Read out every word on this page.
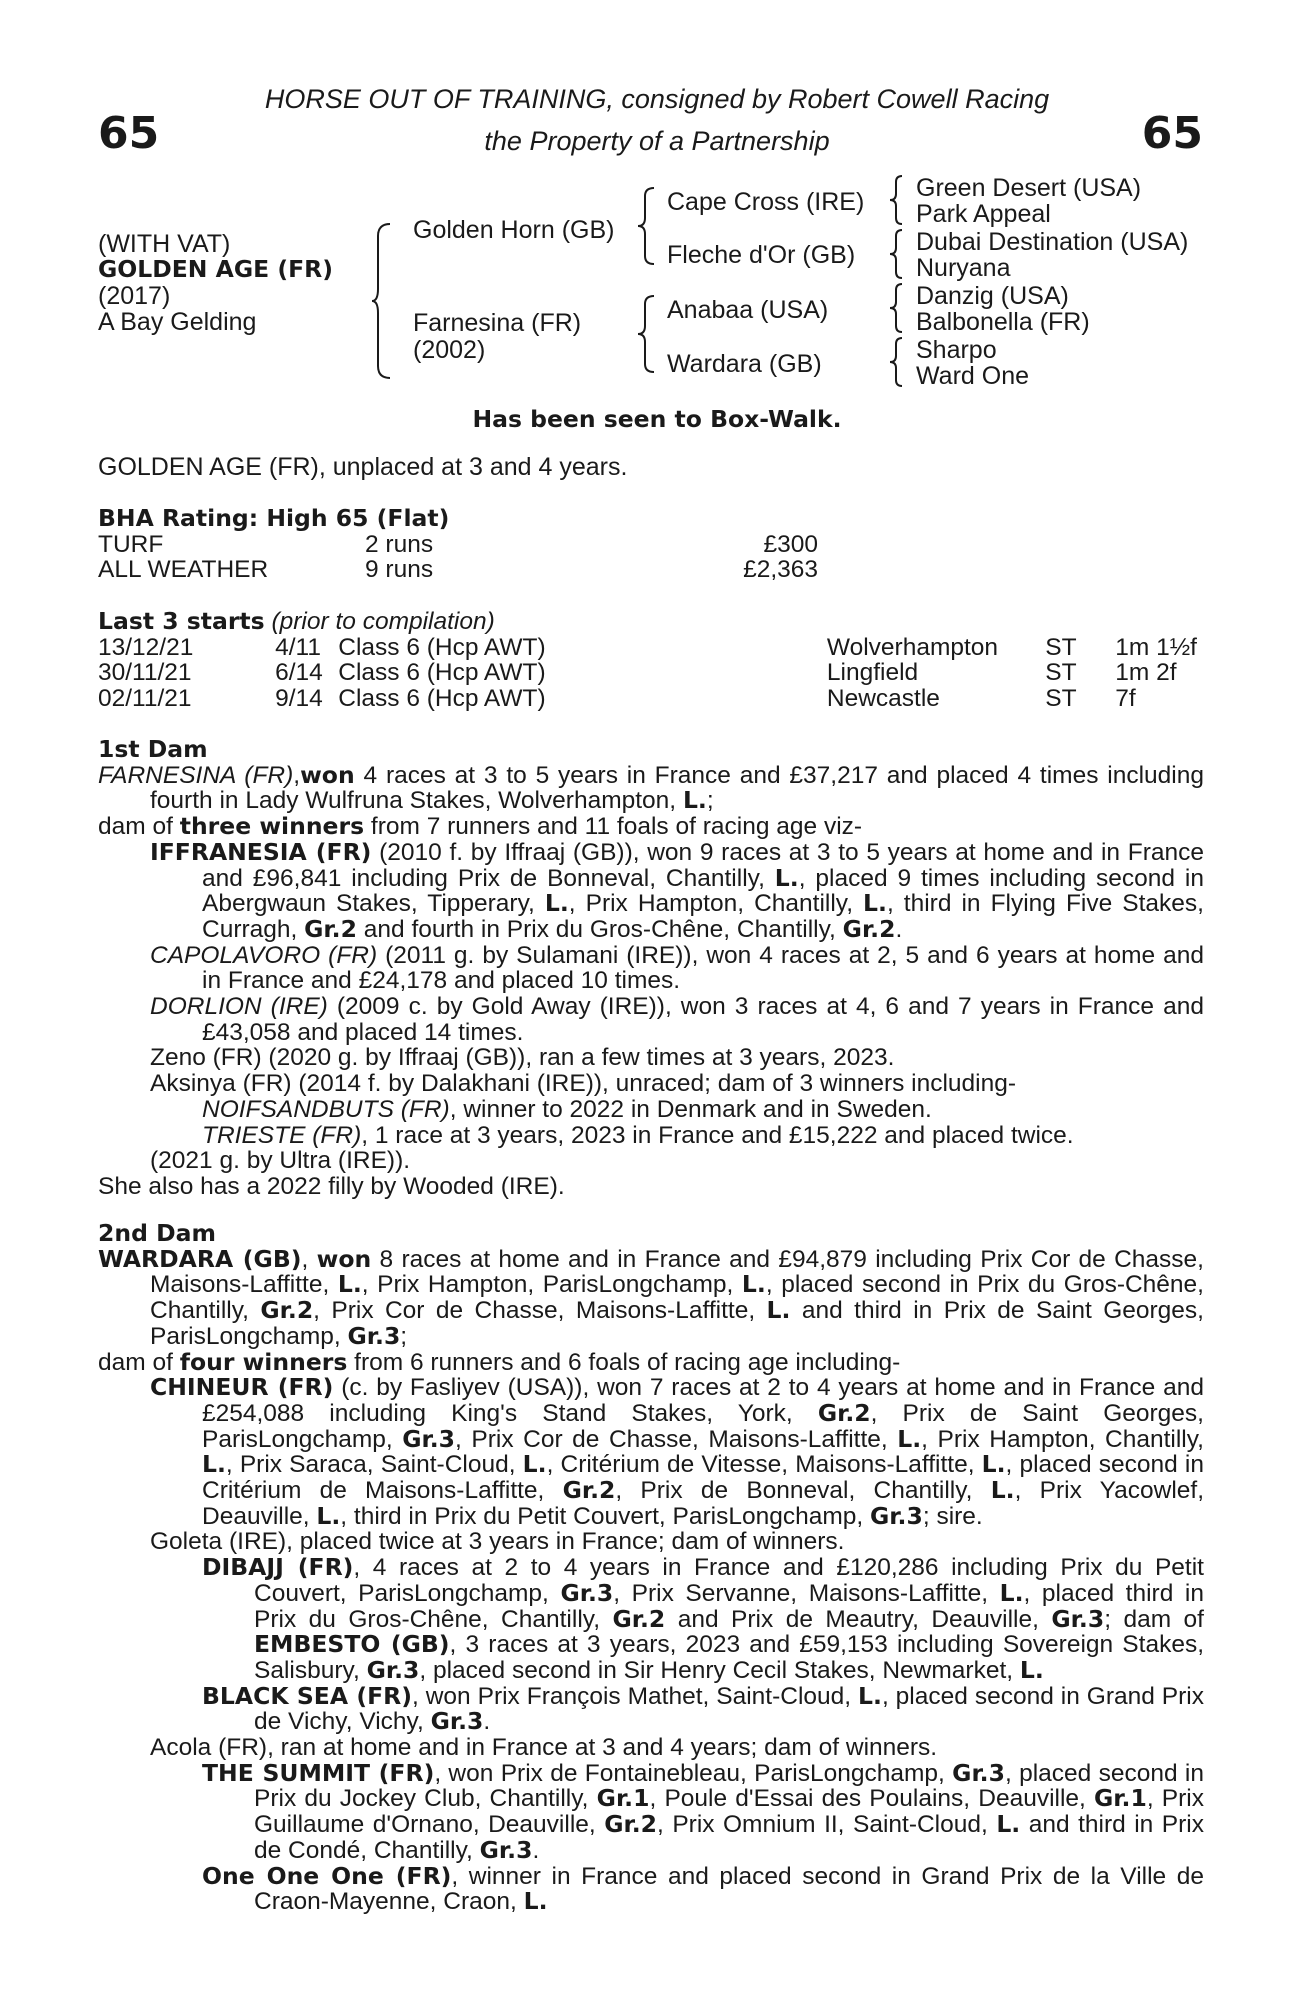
65	65
HORSE OUT OF TRAINING, consigned by Robert Cowell Racing
the Property of a Partnership
(WITH VAT)
GOLDEN AGE (FR)
(2017)
A Bay Gelding
Golden Horn (GB)
Farnesina (FR)
(2002)
Cape Cross (IRE)
Fleche d'Or (GB)
Anabaa (USA)
Wardara (GB)
Green Desert (USA)
Park Appeal
Dubai Destination (USA)
Nuryana
Danzig (USA)
Balbonella (FR)
Sharpo
Ward One
Has been seen to Box-Walk.
GOLDEN AGE (FR), unplaced at 3 and 4 years.

BHA Rating: High 65 (Flat)

TURF	2 runs	£300
ALL WEATHER	9 runs	£2,363

Last 3 starts (prior to compilation)

13/12/21	4/11	Class 6 (Hcp AWT)	Wolverhampton	ST	1m 1½f
30/11/21	6/14	Class 6 (Hcp AWT)	Lingfield	ST	1m 2f
02/11/21	9/14	Class 6 (Hcp AWT)	Newcastle	ST	7f

1st Dam

FARNESINA (FR),won 4 races at 3 to 5 years in France and £37,217 and placed 4 times including fourth in Lady Wulfruna Stakes, Wolverhampton, L.;

dam of three winners from 7 runners and 11 foals of racing age viz-

IFFRANESIA (FR) (2010 f. by Iffraaj (GB)), won 9 races at 3 to 5 years at home and in France and £96,841 including Prix de Bonneval, Chantilly, L., placed 9 times including second in Abergwaun Stakes, Tipperary, L., Prix Hampton, Chantilly, L., third in Flying Five Stakes, Curragh, Gr.2 and fourth in Prix du Gros-Chêne, Chantilly, Gr.2.

CAPOLAVORO (FR) (2011 g. by Sulamani (IRE)), won 4 races at 2, 5 and 6 years at home and in France and £24,178 and placed 10 times.

DORLION (IRE) (2009 c. by Gold Away (IRE)), won 3 races at 4, 6 and 7 years in France and £43,058 and placed 14 times.

Zeno (FR) (2020 g. by Iffraaj (GB)), ran a few times at 3 years, 2023.

Aksinya (FR) (2014 f. by Dalakhani (IRE)), unraced; dam of 3 winners including-

NOIFSANDBUTS (FR), winner to 2022 in Denmark and in Sweden.

TRIESTE (FR), 1 race at 3 years, 2023 in France and £15,222 and placed twice.

(2021 g. by Ultra (IRE)).

She also has a 2022 filly by Wooded (IRE).

2nd Dam

WARDARA (GB), won 8 races at home and in France and £94,879 including Prix Cor de Chasse, Maisons-Laffitte, L., Prix Hampton, ParisLongchamp, L., placed second in Prix du Gros-Chêne, Chantilly, Gr.2, Prix Cor de Chasse, Maisons-Laffitte, L. and third in Prix de Saint Georges, ParisLongchamp, Gr.3;

dam of four winners from 6 runners and 6 foals of racing age including-

CHINEUR (FR) (c. by Fasliyev (USA)), won 7 races at 2 to 4 years at home and in France and £254,088 including King's Stand Stakes, York, Gr.2, Prix de Saint Georges, ParisLongchamp, Gr.3, Prix Cor de Chasse, Maisons-Laffitte, L., Prix Hampton, Chantilly, L., Prix Saraca, Saint-Cloud, L., Critérium de Vitesse, Maisons-Laffitte, L., placed second in Critérium de Maisons-Laffitte, Gr.2, Prix de Bonneval, Chantilly, L., Prix Yacowlef, Deauville, L., third in Prix du Petit Couvert, ParisLongchamp, Gr.3; sire.

Goleta (IRE), placed twice at 3 years in France; dam of winners.

DIBAJJ (FR), 4 races at 2 to 4 years in France and £120,286 including Prix du Petit Couvert, ParisLongchamp, Gr.3, Prix Servanne, Maisons-Laffitte, L., placed third in Prix du Gros-Chêne, Chantilly, Gr.2 and Prix de Meautry, Deauville, Gr.3; dam of EMBESTO (GB), 3 races at 3 years, 2023 and £59,153 including Sovereign Stakes, Salisbury, Gr.3, placed second in Sir Henry Cecil Stakes, Newmarket, L.

BLACK SEA (FR), won Prix François Mathet, Saint-Cloud, L., placed second in Grand Prix de Vichy, Vichy, Gr.3.

Acola (FR), ran at home and in France at 3 and 4 years; dam of winners.

THE SUMMIT (FR), won Prix de Fontainebleau, ParisLongchamp, Gr.3, placed second in Prix du Jockey Club, Chantilly, Gr.1, Poule d'Essai des Poulains, Deauville, Gr.1, Prix Guillaume d'Ornano, Deauville, Gr.2, Prix Omnium II, Saint-Cloud, L. and third in Prix de Condé, Chantilly, Gr.3.

One One One (FR), winner in France and placed second in Grand Prix de la Ville de Craon-Mayenne, Craon, L.
